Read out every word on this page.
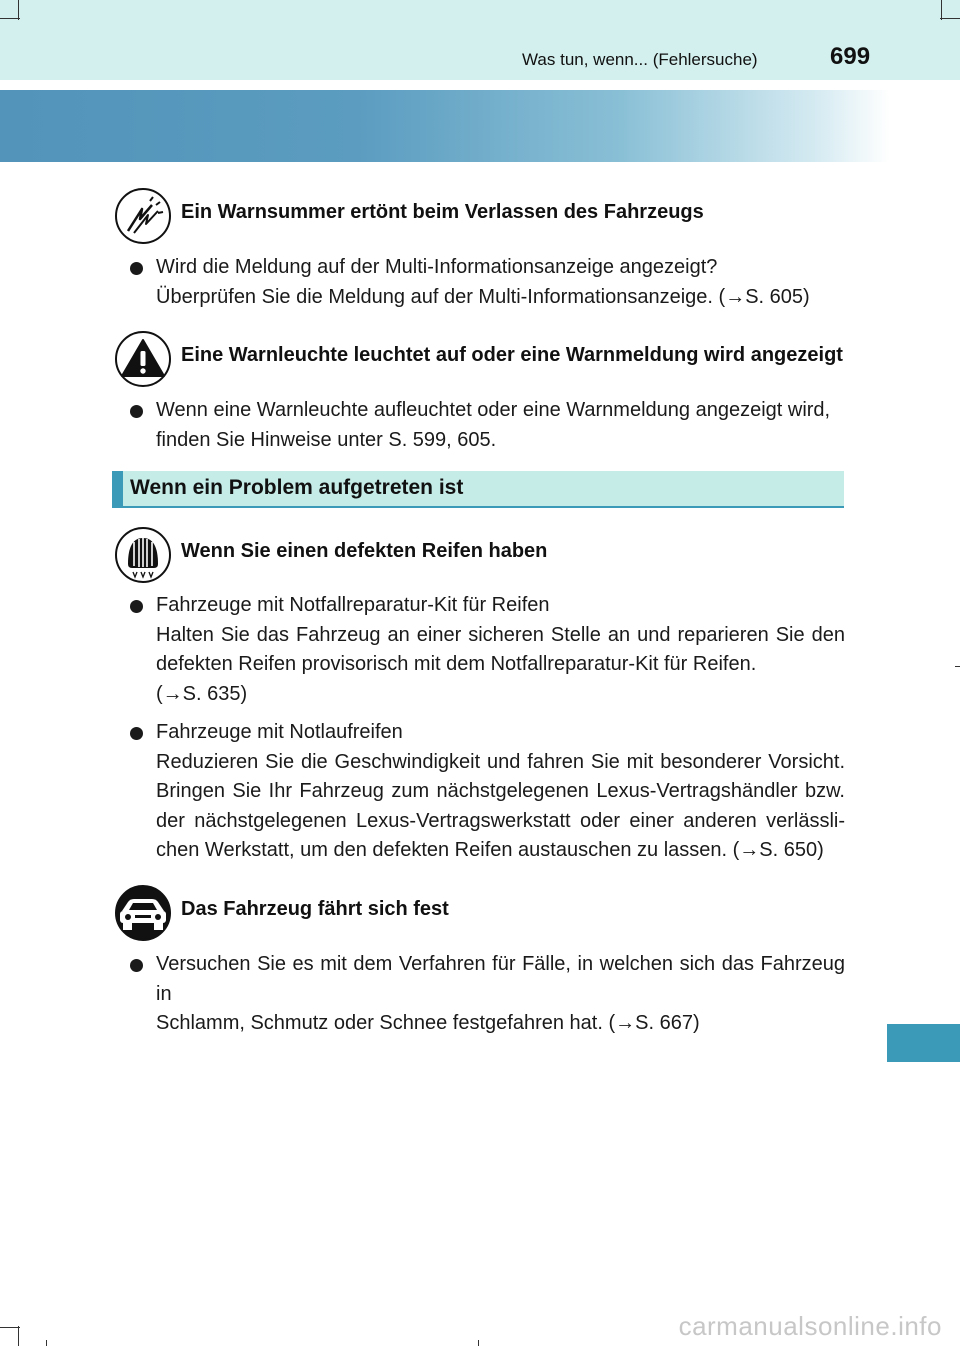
Was tun, wenn... (Fehlersuche)	699
Ein Warnsummer ertönt beim Verlassen des Fahrzeugs
Wird die Meldung auf der Multi-Informationsanzeige angezeigt?
Überprüfen Sie die Meldung auf der Multi-Informationsanzeige. (→S. 605)
Eine Warnleuchte leuchtet auf oder eine Warnmeldung wird angezeigt
Wenn eine Warnleuchte aufleuchtet oder eine Warnmeldung angezeigt wird,
finden Sie Hinweise unter S. 599, 605.
Wenn ein Problem aufgetreten ist
Wenn Sie einen defekten Reifen haben
Fahrzeuge mit Notfallreparatur-Kit für Reifen
Halten Sie das Fahrzeug an einer sicheren Stelle an und reparieren Sie den
defekten Reifen provisorisch mit dem Notfallreparatur-Kit für Reifen.
(→S. 635)
Fahrzeuge mit Notlaufreifen
Reduzieren Sie die Geschwindigkeit und fahren Sie mit besonderer Vorsicht.
Bringen Sie Ihr Fahrzeug zum nächstgelegenen Lexus-Vertragshändler bzw.
der nächstgelegenen Lexus-Vertragswerkstatt oder einer anderen verlässli-
chen Werkstatt, um den defekten Reifen austauschen zu lassen. (→S. 650)
Das Fahrzeug fährt sich fest
Versuchen Sie es mit dem Verfahren für Fälle, in welchen sich das Fahrzeug in
Schlamm, Schmutz oder Schnee festgefahren hat. (→S. 667)
carmanualsonline.info
